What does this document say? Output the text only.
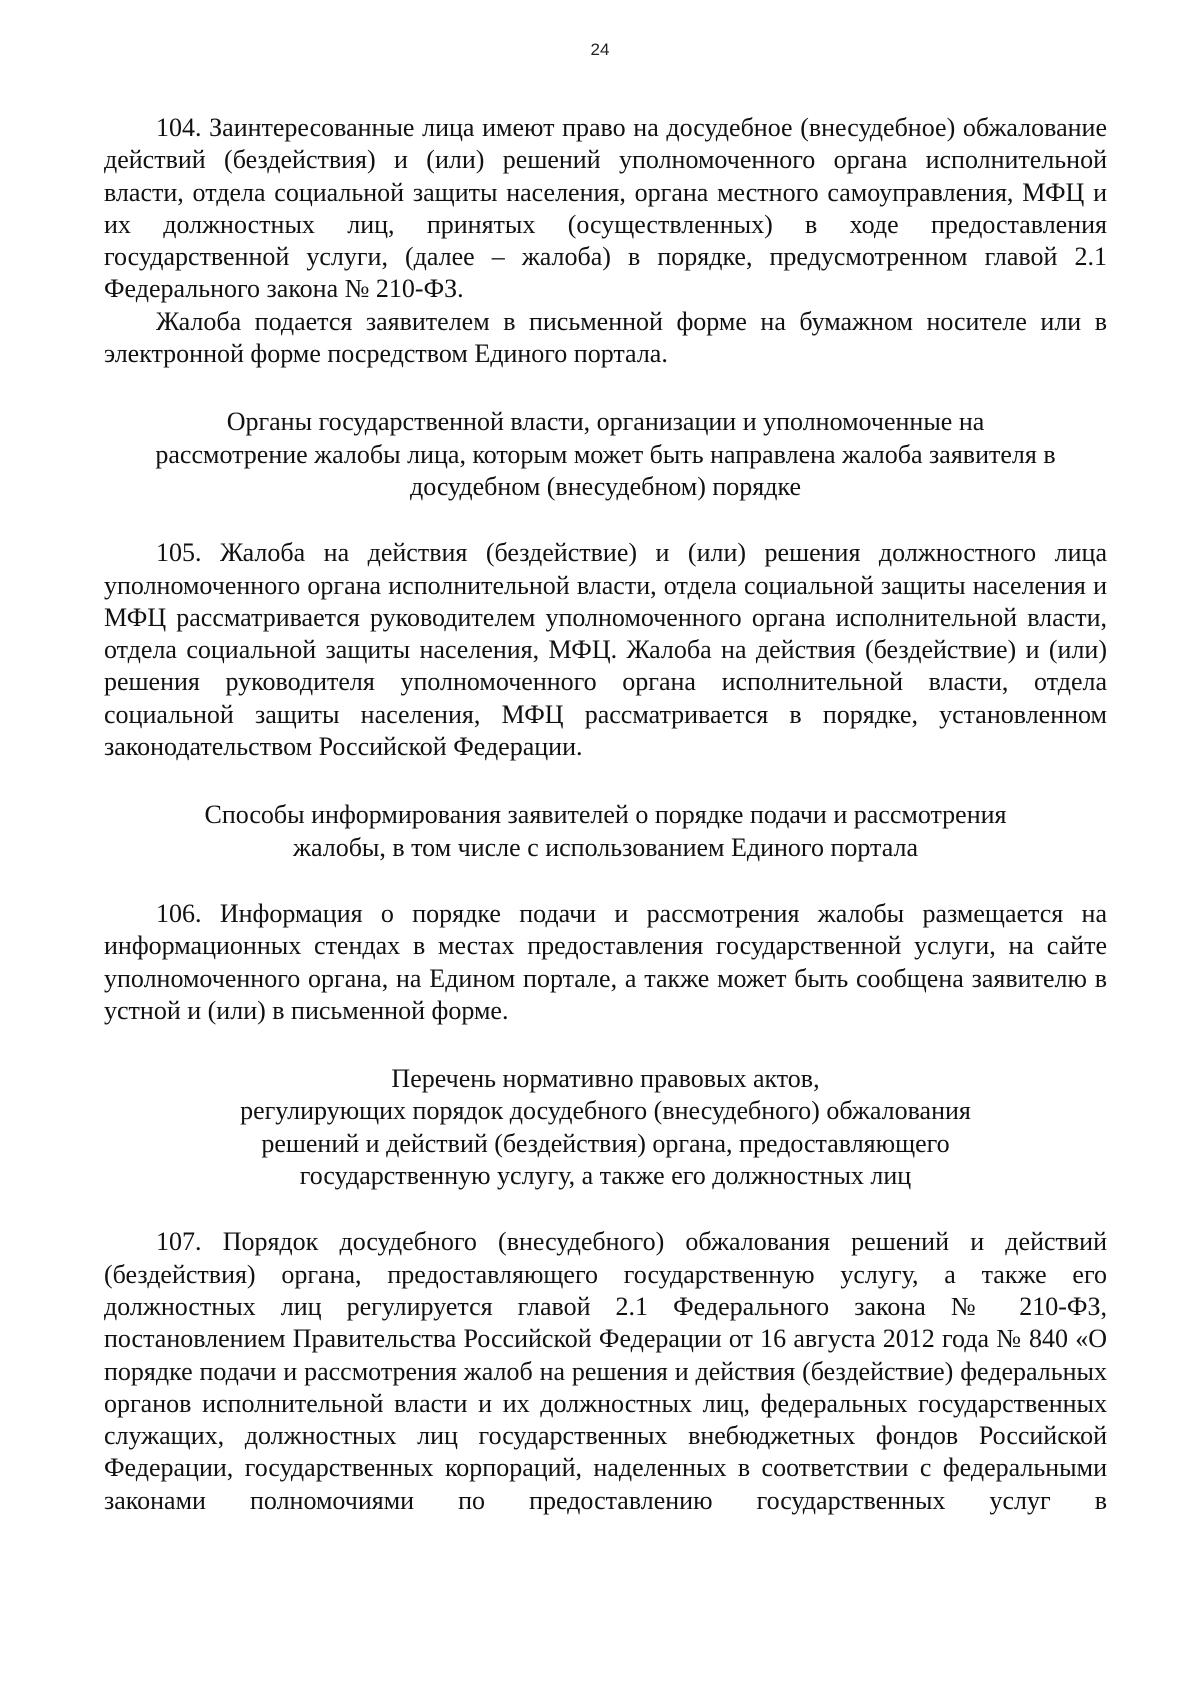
24

104. Заинтересованные лица имеют право на досудебное (внесудебное) обжалование действий (бездействия) и (или) решений уполномоченного органа исполнительной власти, отдела социальной защиты населения, органа местного самоуправления, МФЦ и их должностных лиц, принятых (осуществленных) в ходе предоставления государственной услуги, (далее – жалоба) в порядке, предусмотренном главой 2.1 Федерального закона № 210-ФЗ.

Жалоба подается заявителем в письменной форме на бумажном носителе или в электронной форме посредством Единого портала.

Органы государственной власти, организации и уполномоченные на
рассмотрение жалобы лица, которым может быть направлена жалоба заявителя в
досудебном (внесудебном) порядке

105. Жалоба на действия (бездействие) и (или) решения должностного лица уполномоченного органа исполнительной власти, отдела социальной защиты населения и МФЦ рассматривается руководителем уполномоченного органа исполнительной власти, отдела социальной защиты населения, МФЦ. Жалоба на действия (бездействие) и (или) решения руководителя уполномоченного органа исполнительной власти, отдела социальной защиты населения, МФЦ рассматривается в порядке, установленном законодательством Российской Федерации.

Способы информирования заявителей о порядке подачи и рассмотрения
жалобы, в том числе с использованием Единого портала

106. Информация о порядке подачи и рассмотрения жалобы размещается на информационных стендах в местах предоставления государственной услуги, на сайте уполномоченного органа, на Едином портале, а также может быть сообщена заявителю в устной и (или) в письменной форме.

Перечень нормативно правовых актов,
регулирующих порядок досудебного (внесудебного) обжалования
решений и действий (бездействия) органа, предоставляющего
государственную услугу, а также его должностных лиц

107. Порядок досудебного (внесудебного) обжалования решений и действий (бездействия) органа, предоставляющего государственную услугу, а также его должностных лиц регулируется главой 2.1 Федерального закона № 210-ФЗ, постановлением Правительства Российской Федерации от 16 августа 2012 года № 840 «О порядке подачи и рассмотрения жалоб на решения и действия (бездействие) федеральных органов исполнительной власти и их должностных лиц, федеральных государственных служащих, должностных лиц государственных внебюджетных фондов Российской Федерации, государственных корпораций, наделенных в соответствии с федеральными законами полномочиями по предоставлению государственных услуг в
